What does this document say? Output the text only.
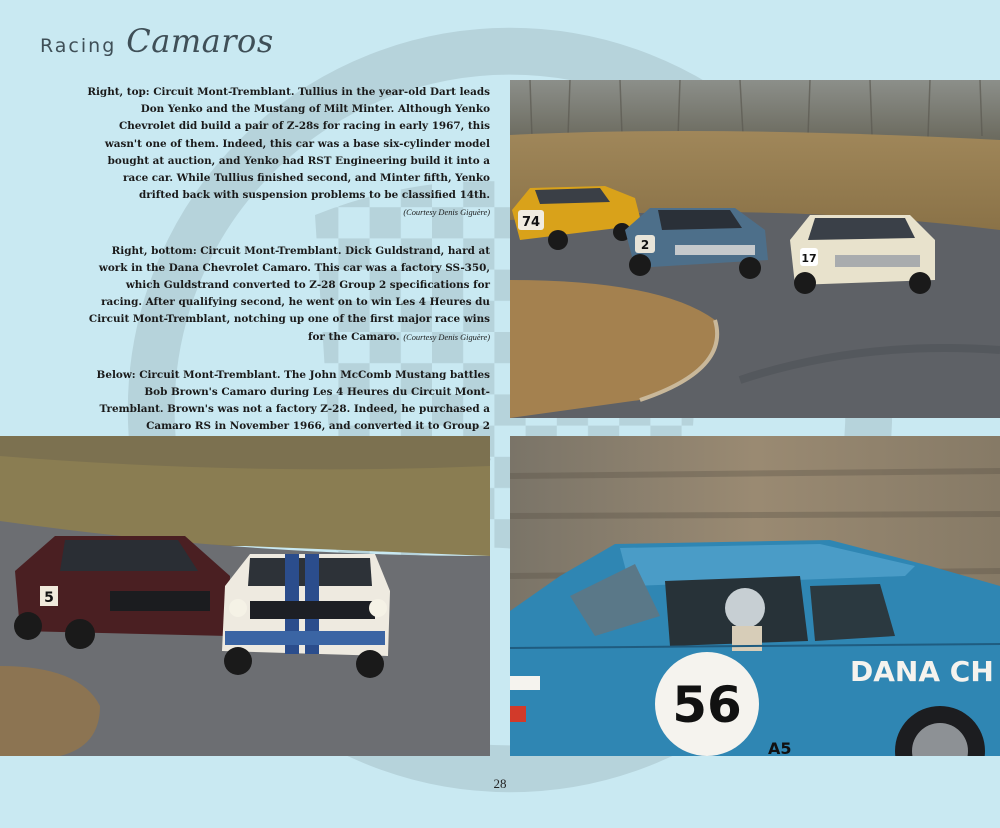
Racing Camaros

Right, top: Circuit Mont-Tremblant. Tullius in the year-old Dart leads Don Yenko and the Mustang of Milt Minter. Although Yenko Chevrolet did build a pair of Z-28s for racing in early 1967, this wasn't one of them. Indeed, this car was a base six-cylinder model bought at auction, and Yenko had RST Engineering build it into a race car. While Tullius finished second, and Minter fifth, Yenko drifted back with suspension problems to be classified 14th.
(Courtesy Denis Giguère)

Right, bottom: Circuit Mont-Tremblant. Dick Guldstrand, hard at work in the Dana Chevrolet Camaro. This car was a factory SS-350, which Guldstrand converted to Z-28 Group 2 specifications for racing. After qualifying second, he went on to win Les 4 Heures du Circuit Mont-Tremblant, notching up one of the first major race wins for the Camaro. (Courtesy Denis Giguère)

Below: Circuit Mont-Tremblant. The John McComb Mustang battles Bob Brown's Camaro during Les 4 Heures du Circuit Mont-Tremblant. Brown's was not a factory Z-28. Indeed, he purchased a Camaro RS in November 1966, and converted it to Group 2

74
2
17
5
56
A5
DANA CH
28
